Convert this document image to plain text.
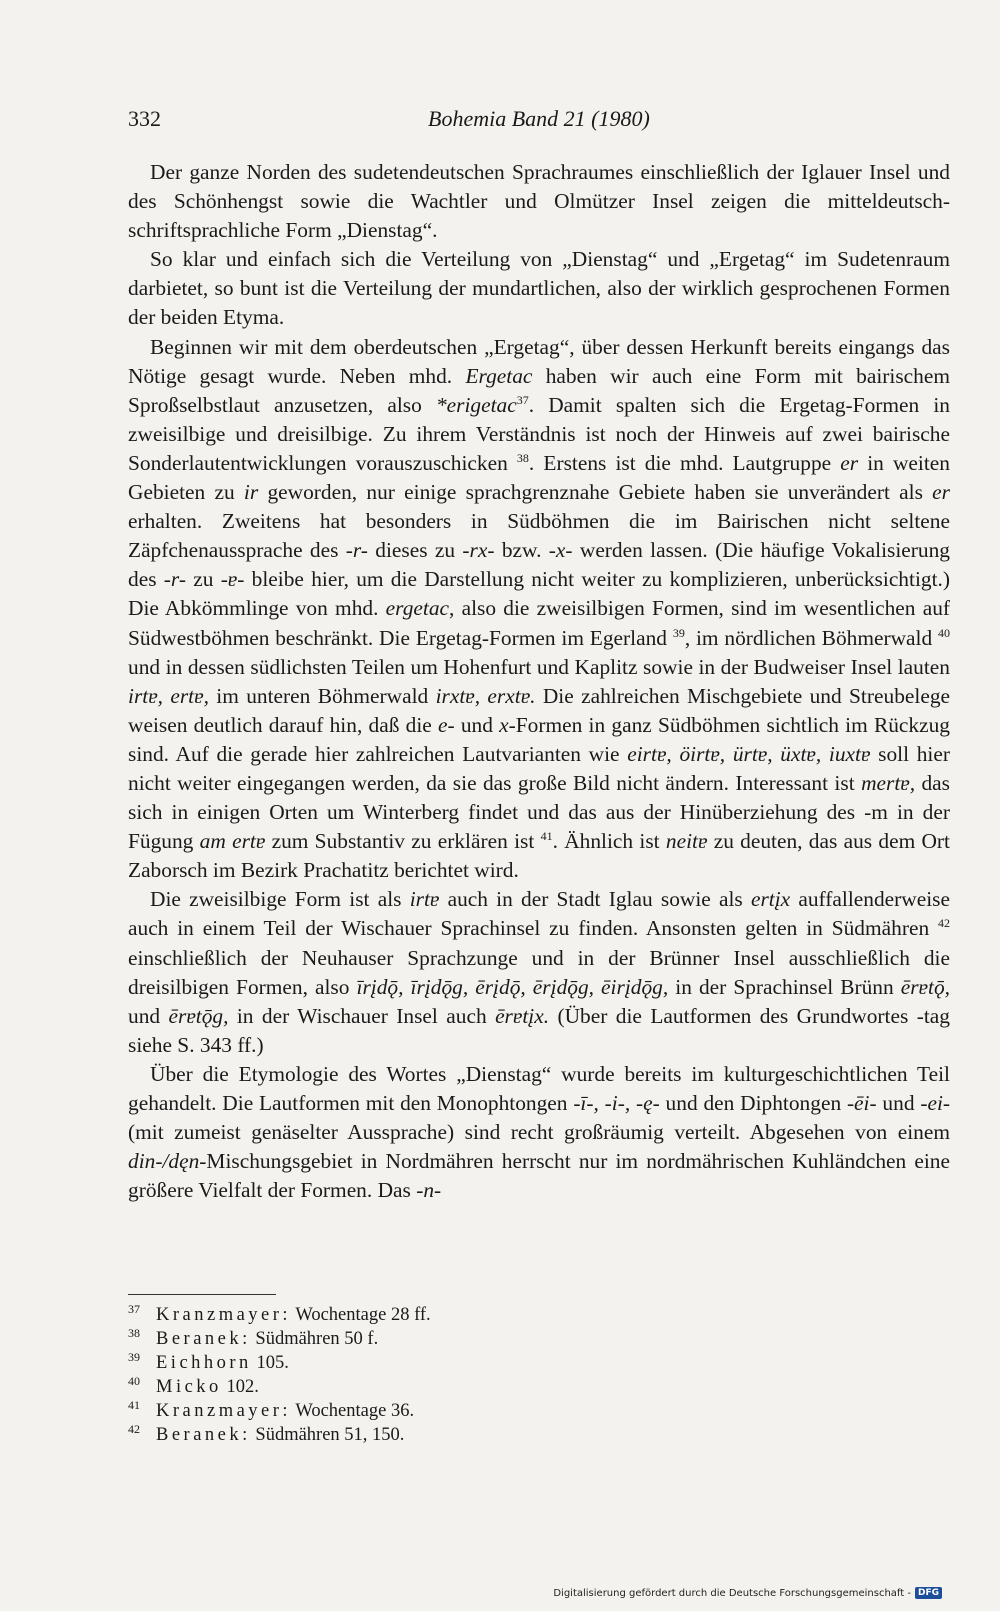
332	Bohemia Band 21 (1980)

Der ganze Norden des sudetendeutschen Sprachraumes einschließlich der Iglauer Insel und des Schönhengst sowie die Wachtler und Olmützer Insel zeigen die mitteldeutsch-schriftsprachliche Form „Dienstag“.

So klar und einfach sich die Verteilung von „Dienstag“ und „Ergetag“ im Sudetenraum darbietet, so bunt ist die Verteilung der mundartlichen, also der wirklich gesprochenen Formen der beiden Etyma.

Beginnen wir mit dem oberdeutschen „Ergetag“, über dessen Herkunft bereits eingangs das Nötige gesagt wurde. Neben mhd. Ergetac haben wir auch eine Form mit bairischem Sproßselbstlaut anzusetzen, also *erigetac$^{37}$. Damit spalten sich die Ergetag-Formen in zweisilbige und dreisilbige. Zu ihrem Verständnis ist noch der Hinweis auf zwei bairische Sonderlautentwicklungen vorauszuschicken $^{38}$. Erstens ist die mhd. Lautgruppe er in weiten Gebieten zu ir geworden, nur einige sprachgrenznahe Gebiete haben sie unverändert als er erhalten. Zweitens hat besonders in Südböhmen die im Bairischen nicht seltene Zäpfchenaussprache des -r- dieses zu -rx- bzw. -x- werden lassen. (Die häufige Vokalisierung des -r- zu -ɐ- bleibe hier, um die Darstellung nicht weiter zu komplizieren, unberücksichtigt.) Die Abkömmlinge von mhd. ergetac, also die zweisilbigen Formen, sind im wesentlichen auf Südwestböhmen beschränkt. Die Ergetag-Formen im Egerland $^{39}$, im nördlichen Böhmerwald $^{40}$ und in dessen südlichsten Teilen um Hohenfurt und Kaplitz sowie in der Budweiser Insel lauten irtɐ, ertɐ, im unteren Böhmerwald irxtɐ, erxtɐ. Die zahlreichen Mischgebiete und Streubelege weisen deutlich darauf hin, daß die e- und x-Formen in ganz Südböhmen sichtlich im Rückzug sind. Auf die gerade hier zahlreichen Lautvarianten wie eirtɐ, öirtɐ, ürtɐ, üxtɐ, iuxtɐ soll hier nicht weiter eingegangen werden, da sie das große Bild nicht ändern. Interessant ist mertɐ, das sich in einigen Orten um Winterberg findet und das aus der Hinüberziehung des -m in der Fügung am ertɐ zum Substantiv zu erklären ist $^{41}$. Ähnlich ist neitɐ zu deuten, das aus dem Ort Zaborsch im Bezirk Prachatitz berichtet wird.

Die zweisilbige Form ist als irtɐ auch in der Stadt Iglau sowie als ertįx auffallenderweise auch in einem Teil der Wischauer Sprachinsel zu finden. Ansonsten gelten in Südmähren $^{42}$ einschließlich der Neuhauser Sprachzunge und in der Brünner Insel ausschließlich die dreisilbigen Formen, also īrįdǭ, īrįdǭg, ērįdǭ, ērįdǭg, ēirįdǭg, in der Sprachinsel Brünn ērɐtǭ, und ērɐtǭg, in der Wischauer Insel auch ērɐtįx. (Über die Lautformen des Grundwortes -tag siehe S. 343 ff.)

Über die Etymologie des Wortes „Dienstag“ wurde bereits im kulturgeschichtlichen Teil gehandelt. Die Lautformen mit den Monophtongen -ī-, -i-, -ę- und den Diphtongen -ēi- und -ei- (mit zumeist genäselter Aussprache) sind recht großräumig verteilt. Abgesehen von einem din-/dęn-Mischungsgebiet in Nordmähren herrscht nur im nordmährischen Kuhländchen eine größere Vielfalt der Formen. Das -n-

37 Kranzmayer: Wochentage 28 ff.

38 Beranek: Südmähren 50 f.

39 Eichhorn 105.

40 Micko 102.

41 Kranzmayer: Wochentage 36.

42 Beranek: Südmähren 51, 150.

Digitalisierung gefördert durch die Deutsche Forschungsgemeinschaft - DFG
